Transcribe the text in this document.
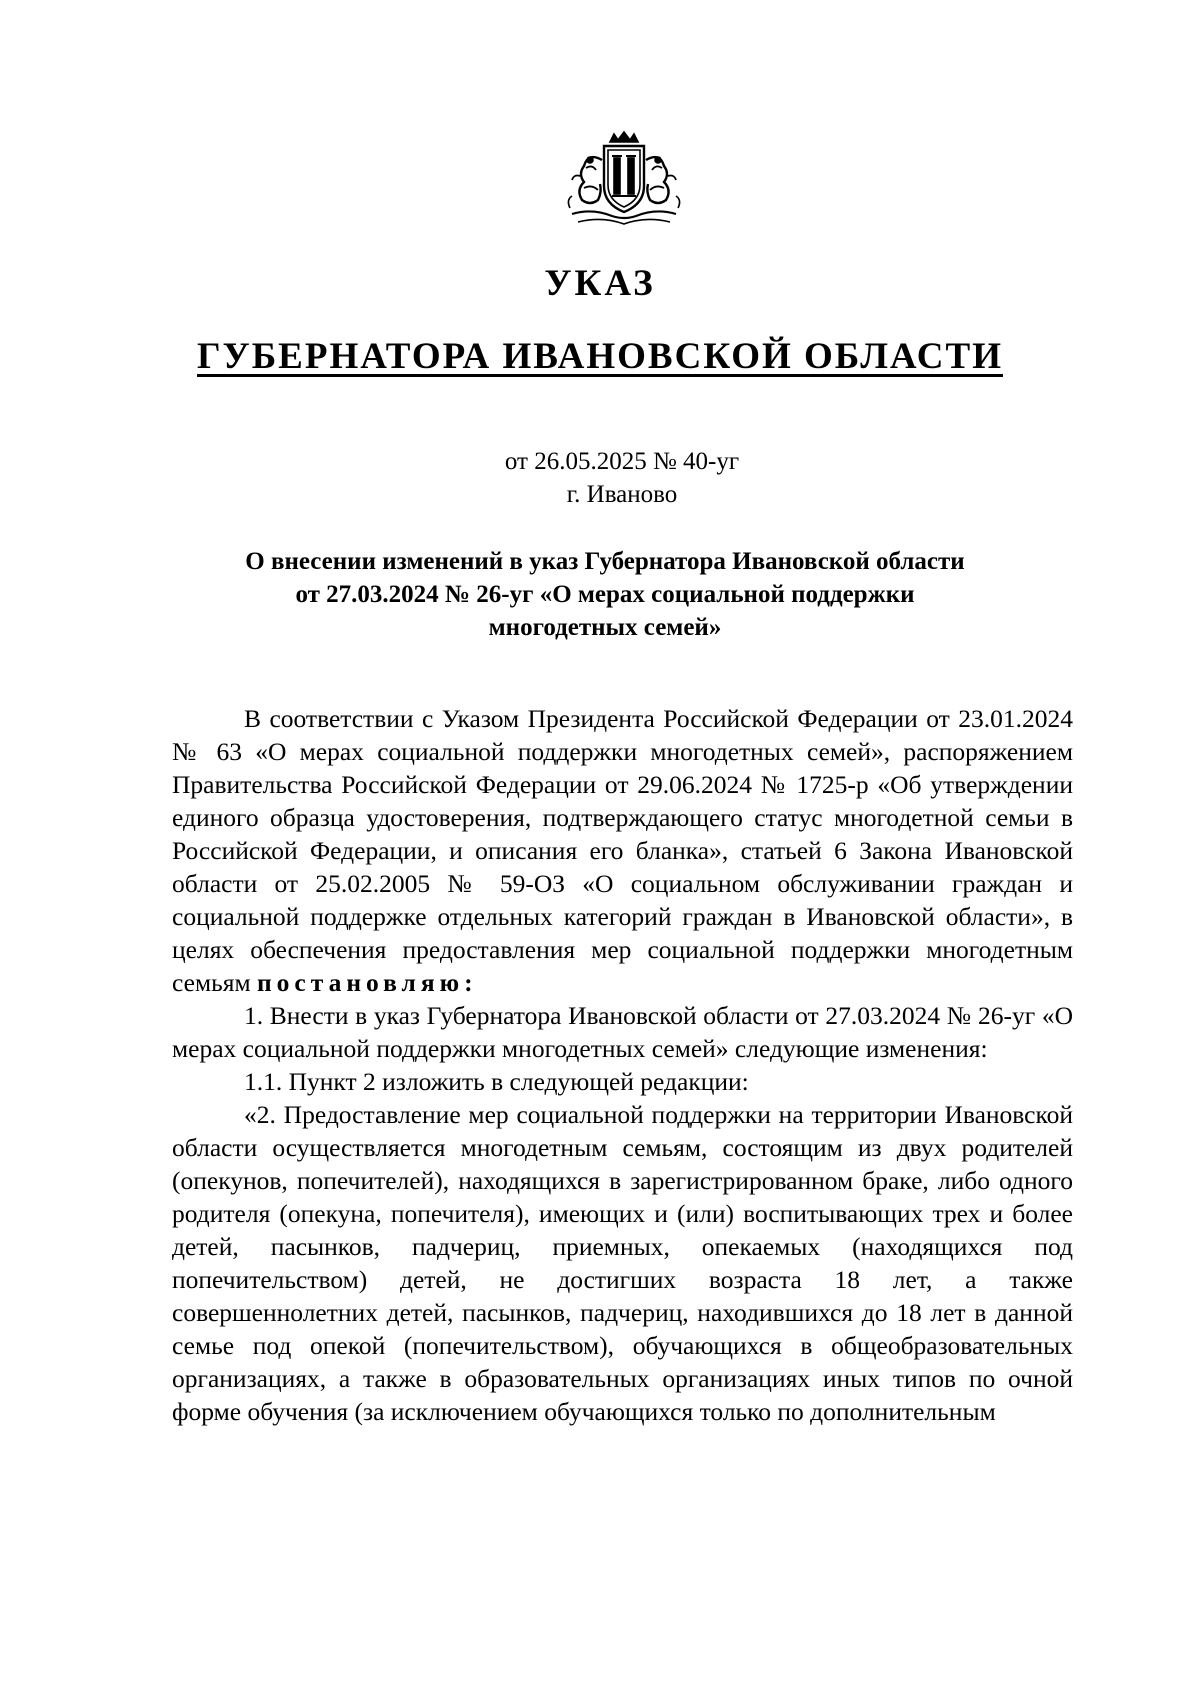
УКАЗ
ГУБЕРНАТОРА ИВАНОВСКОЙ ОБЛАСТИ
от 26.05.2025 № 40-уг
г. Иваново
О внесении изменений в указ Губернатора Ивановской области
от 27.03.2024 № 26-уг «О мерах социальной поддержки
многодетных семей»

В соответствии с Указом Президента Российской Федерации от 23.01.2024 № 63 «О мерах социальной поддержки многодетных семей», распоряжением Правительства Российской Федерации от 29.06.2024 № 1725-р «Об утверждении единого образца удостоверения, подтверждающего статус многодетной семьи в Российской Федерации, и описания его бланка», статьей 6 Закона Ивановской области от 25.02.2005 № 59-ОЗ «О социальном обслуживании граждан и социальной поддержке отдельных категорий граждан в Ивановской области», в целях обеспечения предоставления мер социальной поддержки многодетным семьям постановляю:

1. Внести в указ Губернатора Ивановской области от 27.03.2024 № 26-уг «О мерах социальной поддержки многодетных семей» следующие изменения:

1.1. Пункт 2 изложить в следующей редакции:

«2. Предоставление мер социальной поддержки на территории Ивановской области осуществляется многодетным семьям, состоящим из двух родителей (опекунов, попечителей), находящихся в зарегистрированном браке, либо одного родителя (опекуна, попечителя), имеющих и (или) воспитывающих трех и более детей, пасынков, падчериц, приемных, опекаемых (находящихся под попечительством) детей, не достигших возраста 18 лет, а также совершеннолетних детей, пасынков, падчериц, находившихся до 18 лет в данной семье под опекой (попечительством), обучающихся в общеобразовательных организациях, а также в образовательных организациях иных типов по очной форме обучения (за исключением обучающихся только по дополнительным
